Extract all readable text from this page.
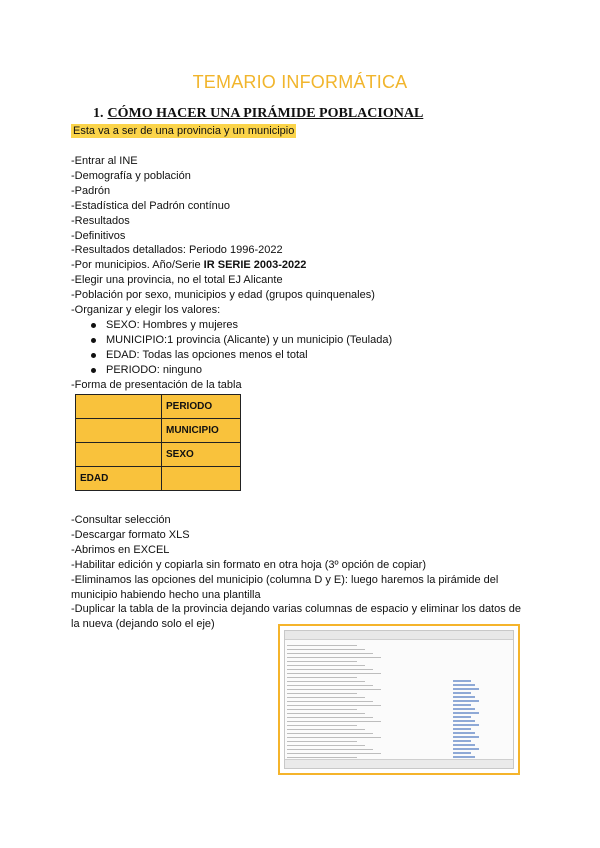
TEMARIO INFORMÁTICA
1. CÓMO HACER UNA PIRÁMIDE POBLACIONAL
Esta va a ser de una provincia y un municipio
-Entrar al INE
-Demografía y población
-Padrón
-Estadística del Padrón contínuo
-Resultados
-Definitivos
-Resultados detallados: Periodo 1996-2022
-Por municipios. Año/Serie IR SERIE 2003-2022
-Elegir una provincia, no el total EJ Alicante
-Población por sexo, municipios y edad (grupos quinquenales)
-Organizar y elegir los valores:
SEXO: Hombres y mujeres
MUNICIPIO:1 provincia (Alicante) y un municipio (Teulada)
EDAD: Todas las opciones menos el total
PERIODO: ninguno
-Forma de presentación de la tabla
	PERIODO
	MUNICIPIO
	SEXO
EDAD	
-Consultar selección
-Descargar formato XLS
-Abrimos en EXCEL
-Habilitar edición y copiarla sin formato en otra hoja (3º opción de copiar)
-Eliminamos las opciones del municipio (columna D y E): luego haremos la pirámide del municipio habiendo hecho una plantilla
-Duplicar la tabla de la provincia dejando varias columnas de espacio y eliminar los datos de la nueva (dejando solo el eje)
